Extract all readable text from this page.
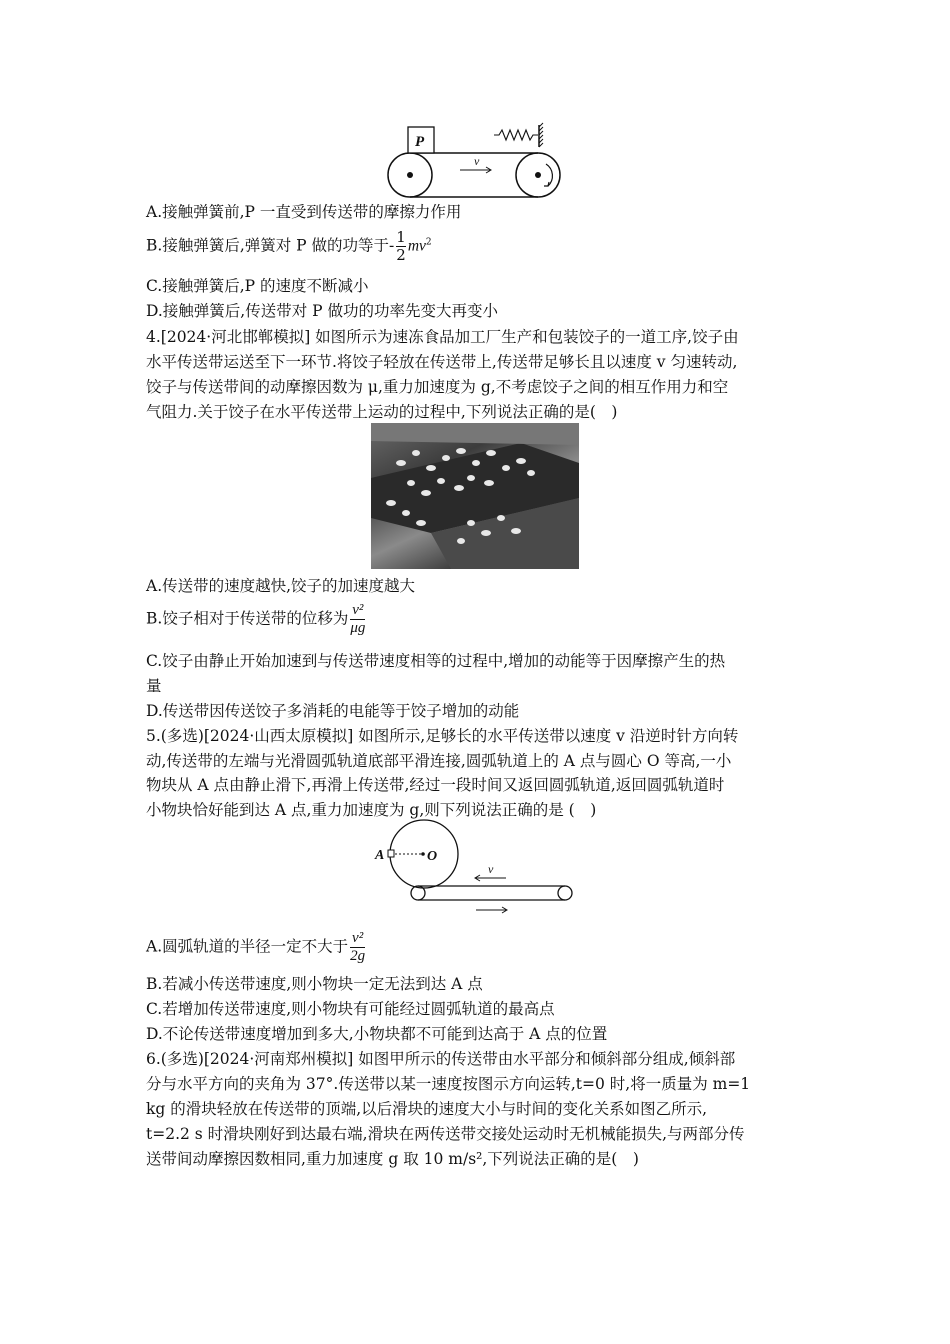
P
v
A.接触弹簧前,P 一直受到传送带的摩擦力作用
B.接触弹簧后,弹簧对 P 做的功等于- $\frac{1}{2} mv^2$
C.接触弹簧后,P 的速度不断减小
D.接触弹簧后,传送带对 P 做功的功率先变大再变小
4.[2024·河北邯郸模拟] 如图所示为速冻食品加工厂生产和包装饺子的一道工序,饺子由
水平传送带运送至下一环节.将饺子轻放在传送带上,传送带足够长且以速度 v 匀速转动,
饺子与传送带间的动摩擦因数为 μ,重力加速度为 g,不考虑饺子之间的相互作用力和空
气阻力.关于饺子在水平传送带上运动的过程中,下列说法正确的是(　)
A.传送带的速度越快,饺子的加速度越大
B.饺子相对于传送带的位移为 $\frac{\text{v²}}{\mu g}$
C.饺子由静止开始加速到与传送带速度相等的过程中,增加的动能等于因摩擦产生的热
量
D.传送带因传送饺子多消耗的电能等于饺子增加的动能
5.(多选)[2024·山西太原模拟] 如图所示,足够长的水平传送带以速度 v 沿逆时针方向转
动,传送带的左端与光滑圆弧轨道底部平滑连接,圆弧轨道上的 A 点与圆心 O 等高,一小
物块从 A 点由静止滑下,再滑上传送带,经过一段时间又返回圆弧轨道,返回圆弧轨道时
小物块恰好能到达 A 点,重力加速度为 g,则下列说法正确的是 (　)
A	O
v
A.圆弧轨道的半径一定不大于 $\frac{\text{v²}}{2g}$
B.若减小传送带速度,则小物块一定无法到达 A 点
C.若增加传送带速度,则小物块有可能经过圆弧轨道的最高点
D.不论传送带速度增加到多大,小物块都不可能到达高于 A 点的位置
6.(多选)[2024·河南郑州模拟] 如图甲所示的传送带由水平部分和倾斜部分组成,倾斜部
分与水平方向的夹角为 37°.传送带以某一速度按图示方向运转,t=0 时,将一质量为 m=1
kg 的滑块轻放在传送带的顶端,以后滑块的速度大小与时间的变化关系如图乙所示,
t=2.2 s 时滑块刚好到达最右端,滑块在两传送带交接处运动时无机械能损失,与两部分传
送带间动摩擦因数相同,重力加速度 g 取 10 m/s²,下列说法正确的是(　)
